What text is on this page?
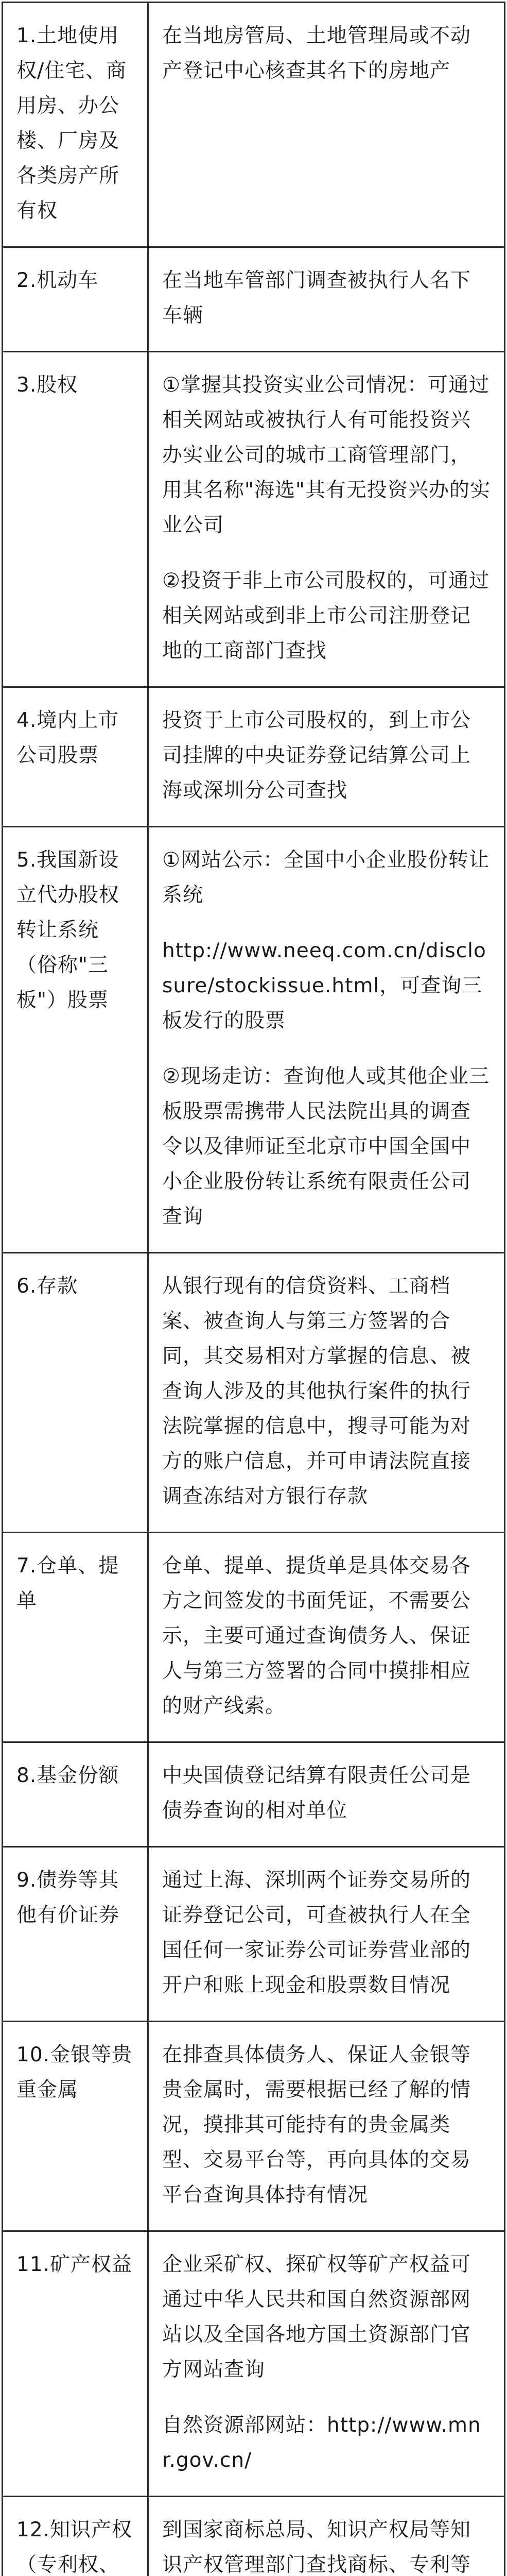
1.土地使用权/住宅、商用房、办公楼、厂房及各类房产所有权	在当地房管局、土地管理局或不动产登记中心核查其名下的房地产

2.机动车	在当地车管部门调查被执行人名下车辆

3.股权	①掌握其投资实业公司情况：可通过相关网站或被执行人有可能投资兴办实业公司的城市工商管理部门，用其名称"海选"其有无投资兴办的实业公司

②投资于非上市公司股权的，可通过相关网站或到非上市公司注册登记地的工商部门查找

4.境内上市公司股票	投资于上市公司股权的，到上市公司挂牌的中央证券登记结算公司上海或深圳分公司查找

5.我国新设立代办股权转让系统（俗称"三板"）股票	①网站公示：全国中小企业股份转让系统

http://www.neeq.com.cn/disclosure/stockissue.html，可查询三板发行的股票

②现场走访：查询他人或其他企业三板股票需携带人民法院出具的调查令以及律师证至北京市中国全国中小企业股份转让系统有限责任公司查询

6.存款	从银行现有的信贷资料、工商档案、被查询人与第三方签署的合同，其交易相对方掌握的信息、被查询人涉及的其他执行案件的执行法院掌握的信息中，搜寻可能为对方的账户信息，并可申请法院直接调查冻结对方银行存款

7.仓单、提单	仓单、提单、提货单是具体交易各方之间签发的书面凭证，不需要公示，主要可通过查询债务人、保证人与第三方签署的合同中摸排相应的财产线索。

8.基金份额	中央国债登记结算有限责任公司是债券查询的相对单位

9.债券等其他有价证券	通过上海、深圳两个证券交易所的证券登记公司，可查被执行人在全国任何一家证券公司证券营业部的开户和账上现金和股票数目情况

10.金银等贵重金属	在排查具体债务人、保证人金银等贵金属时，需要根据已经了解的情况，摸排其可能持有的贵金属类型、交易平台等，再向具体的交易平台查询具体持有情况

11.矿产权益	企业采矿权、探矿权等矿产权益可通过中华人民共和国自然资源部网站以及全国各地方国土资源部门官方网站查询

自然资源部网站：http://www.mnr.gov.cn/

12.知识产权（专利权、	到国家商标总局、知识产权局等知识产权管理部门查找商标、专利等
